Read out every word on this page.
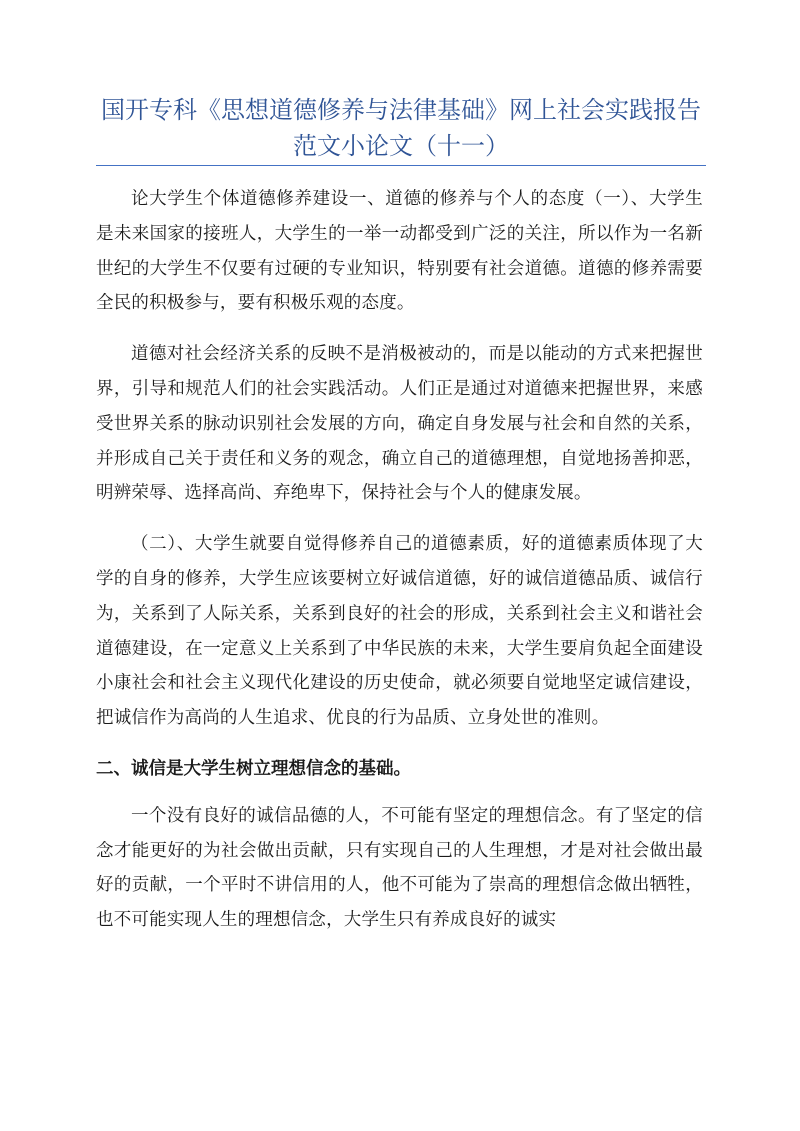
国开专科《思想道德修养与法律基础》网上社会实践报告范文小论文（十一）

论大学生个体道德修养建设一、道德的修养与个人的态度（一）、大学生是未来国家的接班人，大学生的一举一动都受到广泛的关注，所以作为一名新世纪的大学生不仅要有过硬的专业知识，特别要有社会道德。道德的修养需要全民的积极参与，要有积极乐观的态度。

道德对社会经济关系的反映不是消极被动的，而是以能动的方式来把握世界，引导和规范人们的社会实践活动。人们正是通过对道德来把握世界，来感受世界关系的脉动识别社会发展的方向，确定自身发展与社会和自然的关系，并形成自己关于责任和义务的观念，确立自己的道德理想，自觉地扬善抑恶，明辨荣辱、选择高尚、弃绝卑下，保持社会与个人的健康发展。

（二）、大学生就要自觉得修养自己的道德素质，好的道德素质体现了大学的自身的修养，大学生应该要树立好诚信道德，好的诚信道德品质、诚信行为，关系到了人际关系，关系到良好的社会的形成，关系到社会主义和谐社会道德建设，在一定意义上关系到了中华民族的未来，大学生要肩负起全面建设小康社会和社会主义现代化建设的历史使命，就必须要自觉地坚定诚信建设，把诚信作为高尚的人生追求、优良的行为品质、立身处世的准则。

二、诚信是大学生树立理想信念的基础。

一个没有良好的诚信品德的人，不可能有坚定的理想信念。有了坚定的信念才能更好的为社会做出贡献，只有实现自己的人生理想，才是对社会做出最好的贡献，一个平时不讲信用的人，他不可能为了崇高的理想信念做出牺牲，也不可能实现人生的理想信念，大学生只有养成良好的诚实
